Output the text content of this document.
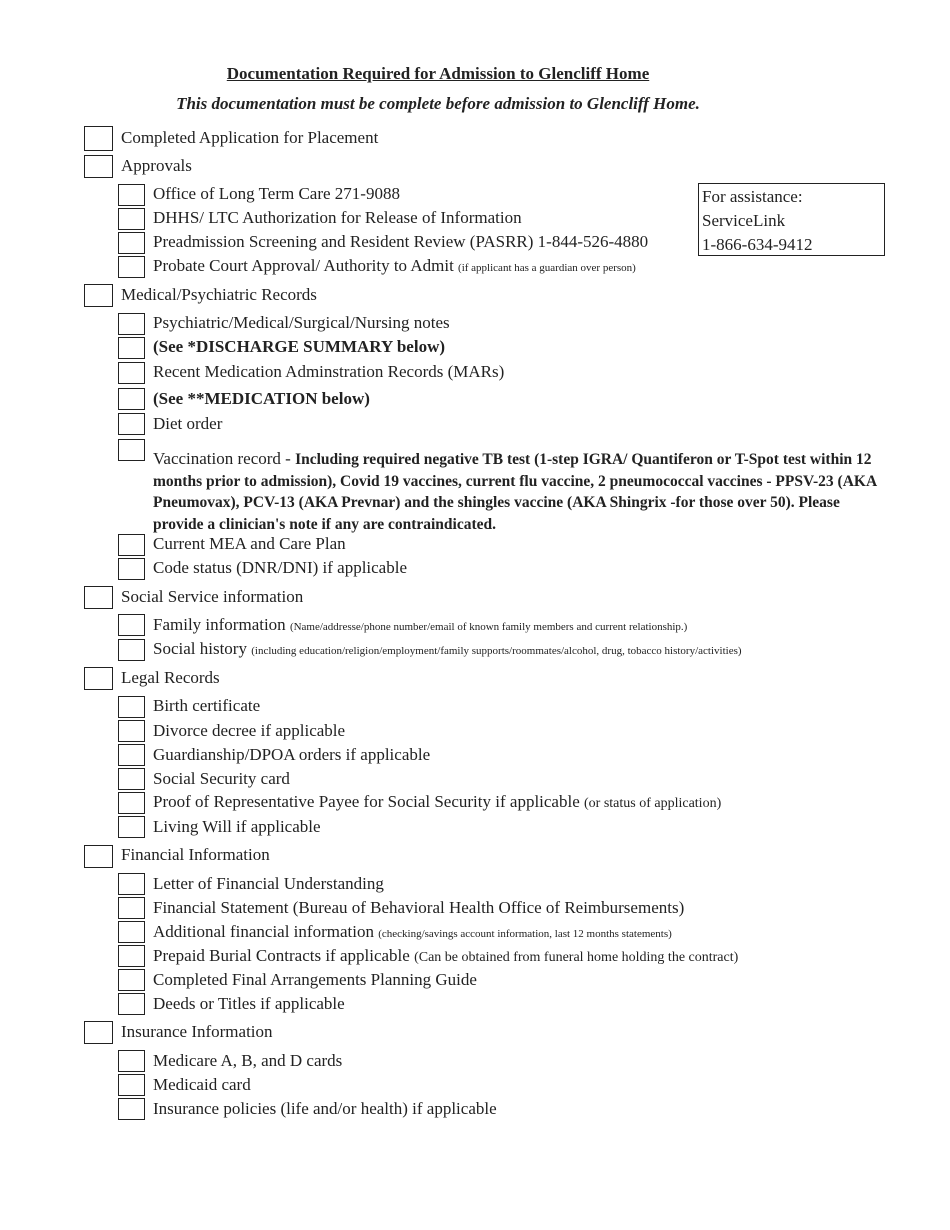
Documentation Required for Admission to Glencliff Home
This documentation must be complete before admission to Glencliff Home.
Completed Application for Placement
Approvals
Office of Long Term Care 271-9088
DHHS/ LTC Authorization for Release of Information
Preadmission Screening and Resident Review (PASRR) 1-844-526-4880
Probate Court Approval/ Authority to Admit (if applicant has a guardian over person)
For assistance:
ServiceLink
1-866-634-9412
Medical/Psychiatric Records
Psychiatric/Medical/Surgical/Nursing notes
(See *DISCHARGE SUMMARY below)
Recent Medication Adminstration Records (MARs)
(See **MEDICATION below)
Diet order
Vaccination record - Including required negative TB test (1-step IGRA/ Quantiferon or T-Spot test within 12 months prior to admission), Covid 19 vaccines, current flu vaccine, 2 pneumococcal vaccines - PPSV-23 (AKA Pneumovax), PCV-13 (AKA Prevnar) and the shingles vaccine (AKA Shingrix -for those over 50). Please provide a clinician's note if any are contraindicated.
Current MEA and Care Plan
Code status (DNR/DNI) if applicable
Social Service information
Family information (Name/addresse/phone number/email of known family members and current relationship.)
Social history (including education/religion/employment/family supports/roommates/alcohol, drug, tobacco history/activities)
Legal Records
Birth certificate
Divorce decree if applicable
Guardianship/DPOA orders if applicable
Social Security card
Proof of Representative Payee for Social Security if applicable (or status of application)
Living Will if applicable
Financial Information
Letter of Financial Understanding
Financial Statement (Bureau of Behavioral Health Office of Reimbursements)
Additional financial information (checking/savings account information, last 12 months statements)
Prepaid Burial Contracts if applicable (Can be obtained from funeral home holding the contract)
Completed Final Arrangements Planning Guide
Deeds or Titles if applicable
Insurance Information
Medicare A, B, and D cards
Medicaid card
Insurance policies (life and/or health) if applicable
